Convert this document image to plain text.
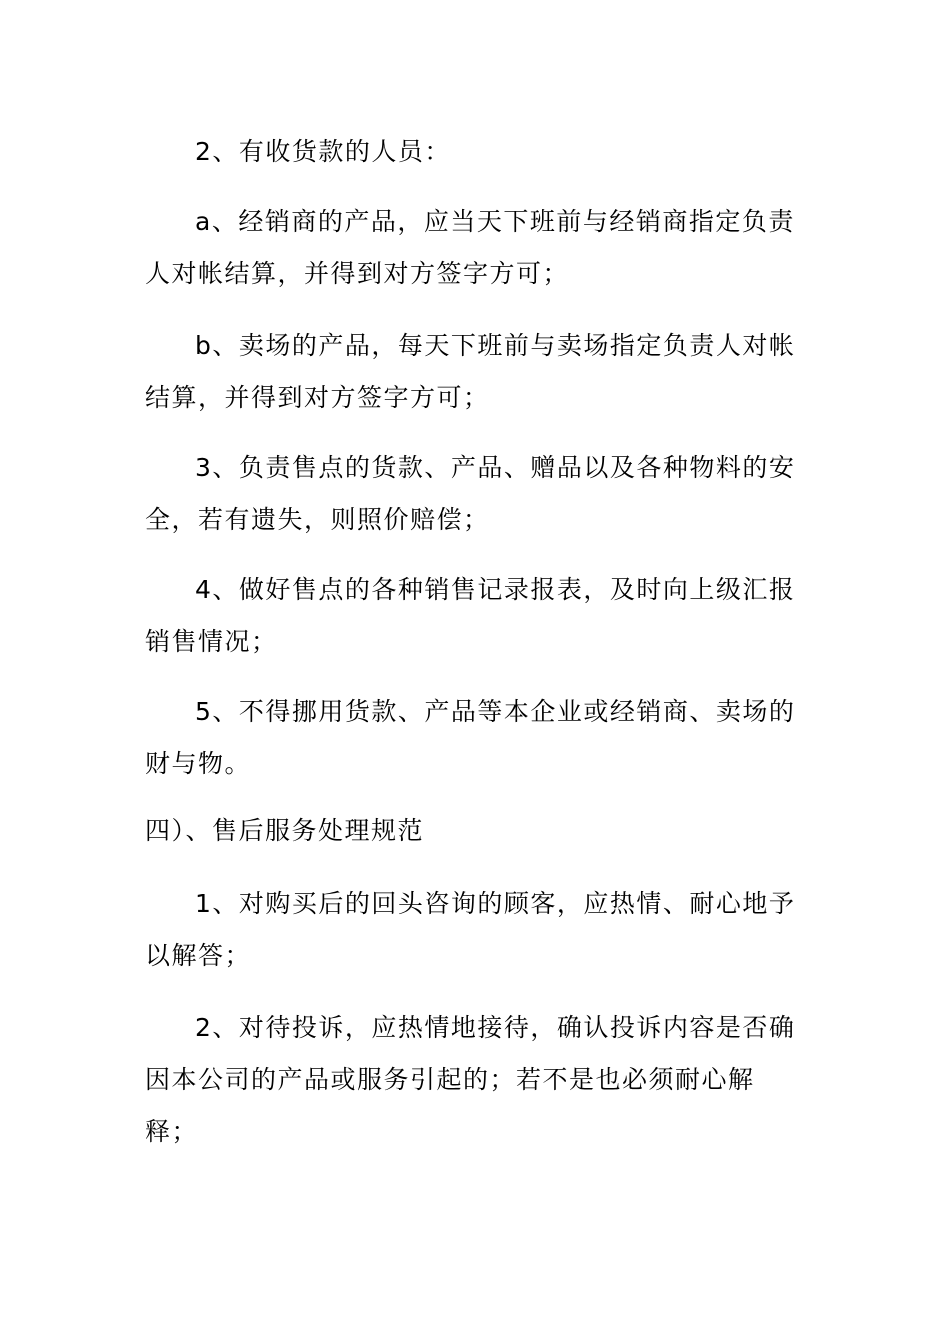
2、有收货款的人员：

a、经销商的产品，应当天下班前与经销商指定负责人对帐结算，并得到对方签字方可；

b、卖场的产品，每天下班前与卖场指定负责人对帐结算，并得到对方签字方可；

3、负责售点的货款、产品、赠品以及各种物料的安全，若有遗失，则照价赔偿；

4、做好售点的各种销售记录报表，及时向上级汇报销售情况；

5、不得挪用货款、产品等本企业或经销商、卖场的财与物。

四）、售后服务处理规范

1、对购买后的回头咨询的顾客，应热情、耐心地予以解答；

2、对待投诉，应热情地接待，确认投诉内容是否确因本公司的产品或服务引起的；若不是也必须耐心解释；
